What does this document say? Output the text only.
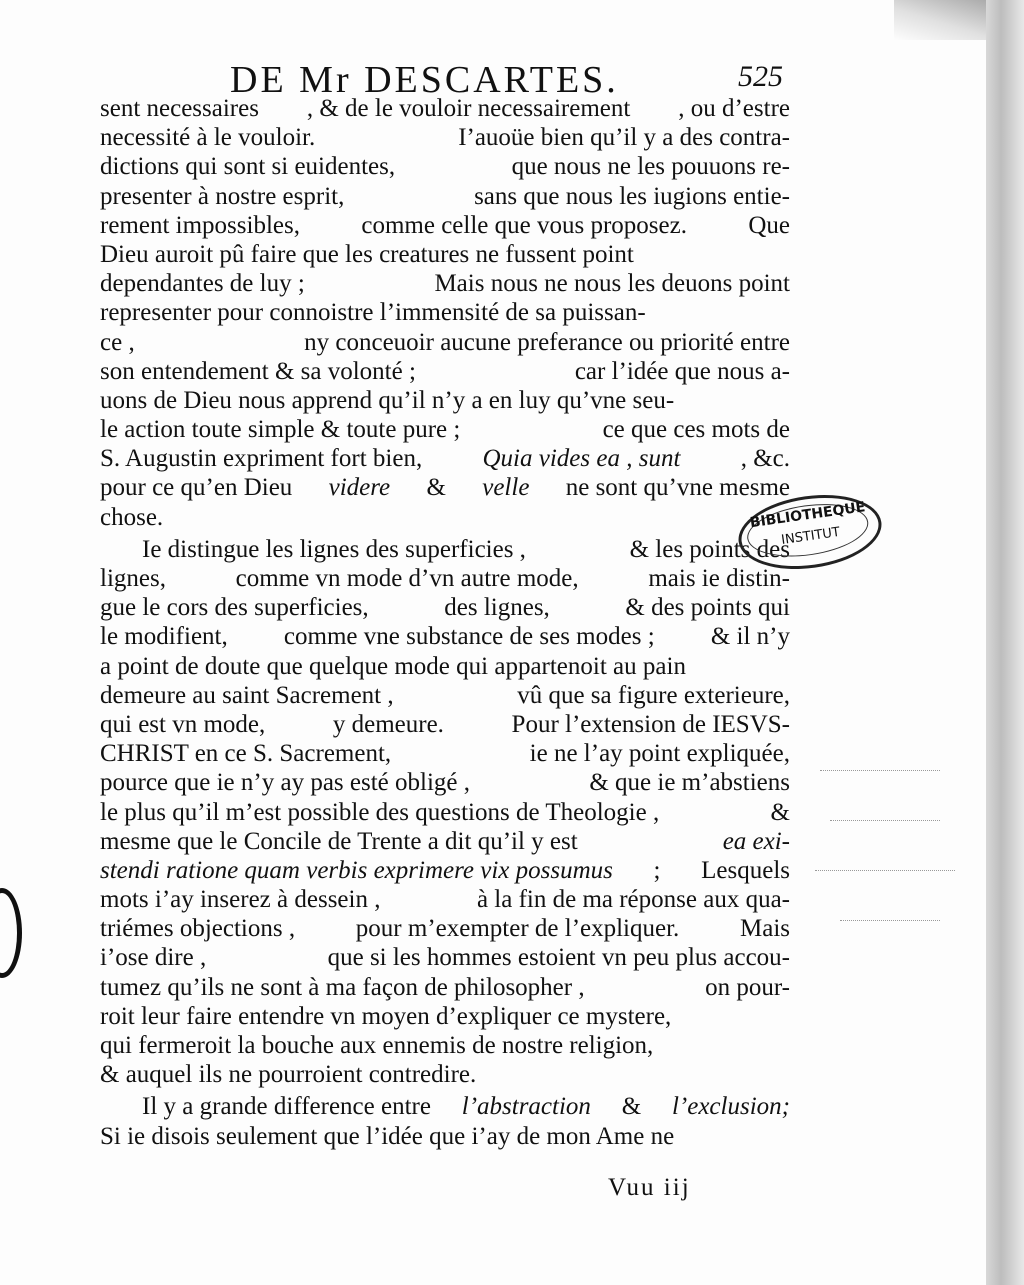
DE Mr DESCARTES.	525
sent necessaires , & de le vouloir necessairement , ou d’estre
necessité à le vouloir.	I’auoüe bien qu’il y a des contra-
dictions qui sont si euidentes,	que nous ne les pouuons re-
presenter à nostre esprit,	sans que nous les iugions entie-
rement impossibles, comme celle que vous proposez. Que
Dieu auroit pû faire que les creatures ne fussent point
dependantes de luy ;	Mais nous ne nous les deuons point
representer pour connoistre l’immensité de sa puissan-
ce ,	ny conceuoir aucune preferance ou priorité entre
son entendement & sa volonté ;	car l’idée que nous a-
uons de Dieu nous apprend qu’il n’y a en luy qu’vne seu-
le action toute simple & toute pure ;	ce que ces mots de
S. Augustin expriment fort bien, Quia vides ea , sunt , &c.
pour ce qu’en Dieu videre & velle ne sont qu’vne mesme
chose.
Ie distingue les lignes des superficies ,	& les points des
lignes,	comme vn mode d’vn autre mode,	mais ie distin-
gue le cors des superficies,	des lignes,	& des points qui
le modifient, comme vne substance de ses modes ; & il n’y
a point de doute que quelque mode qui appartenoit au pain
demeure au saint Sacrement ,	vû que sa figure exterieure,
qui est vn mode,	y demeure.	Pour l’extension de IESVS-
CHRIST en ce S. Sacrement,	ie ne l’ay point expliquée,
pource que ie n’y ay pas esté obligé ,	& que ie m’abstiens
le plus qu’il m’est possible des questions de Theologie ,	&
mesme que le Concile de Trente a dit qu’il y est	ea exi-
stendi ratione quam verbis exprimere vix possumus ; Lesquels
mots i’ay inserez à dessein ,	à la fin de ma réponse aux qua-
triémes objections , pour m’exempter de l’expliquer. Mais
i’ose dire ,	que si les hommes estoient vn peu plus accou-
tumez qu’ils ne sont à ma façon de philosopher ,	on pour-
roit leur faire entendre vn moyen d’expliquer ce mystere,
qui fermeroit la bouche aux ennemis de nostre religion,
& auquel ils ne pourroient contredire.
Il y a grande difference entre l’abstraction & l’exclusion;
Si ie disois seulement que l’idée que i’ay de mon Ame ne
Vuu iij
BIBLIOTHEQUE
INSTITUT
